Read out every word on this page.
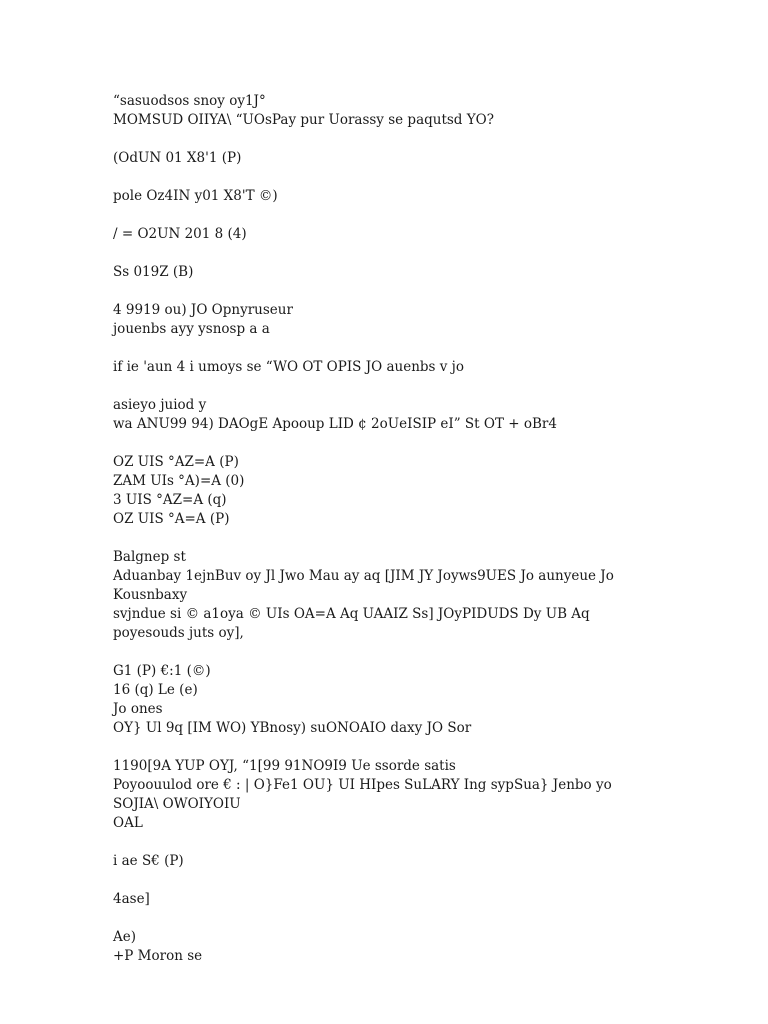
“sasuodsos snoy oy1J°
MOMSUD OIIYA\ “UOsPay pur Uorassy se paqutsd YO?
(OdUN 01 X8'1 (P)
pole Oz4IN y01 X8'T ©)
/ = O2UN 201 8 (4)
Ss 019Z (B)
4 9919 ou) JO Opnyruseur
jouenbs ayy ysnosp a a
if ie 'aun 4 i umoys se “WO OT OPIS JO auenbs v jo
asieyo juiod y
wa ANU99 94) DAOgE Apooup LID ¢ 2oUeISIP eI” St OT + oBr4
OZ UIS °AZ=A (P)
ZAM UIs °A)=A (0)
3 UIS °AZ=A (q)
OZ UIS °A=A (P)
Balgnep st
Aduanbay 1ejnBuv oy Jl Jwo Mau ay aq [JIM JY Joyws9UES Jo aunyeue Jo Kousnbaxy
svjndue si © a1oya © UIs OA=A Aq UAAIZ Ss] JOyPIDUDS Dy UB Aq poyesouds juts oy],
G1 (P) €:1 (©)
16 (q) Le (e)
Jo ones
OY} Ul 9q [IM WO) YBnosy) suONOAIO daxy JO Sor
1190[9A YUP OYJ, “1[99 91NO9I9 Ue ssorde satis
Poyoouulod ore € : | O}Fe1 OU} UI HIpes SuLARY Ing sypSua} Jenbo yo SOJIA\ OWOIYOIU
OAL
i ae S€ (P)
4ase]
Ae)
+P Moron se
